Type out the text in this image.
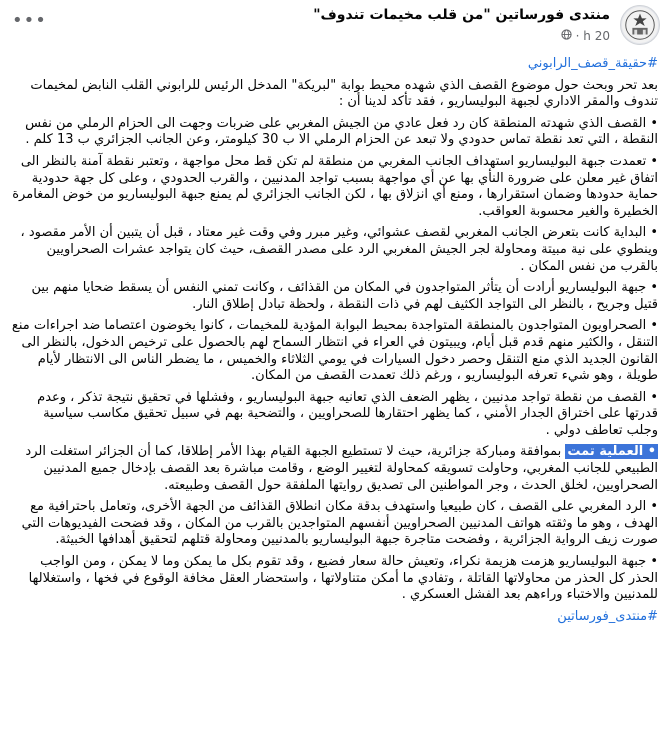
منتدى فورساتين "من قلب مخيمات تندوف"
20 h ·
•••

#حقيقة_قصف_الرابوني

بعد تحر وبحث حول موضوع القصف الذي شهده محيط بوابة "لبريكة" المدخل الرئيس للرابوني القلب النابض لمخيمات تندوف والمقر الاداري لجبهة البوليساريو ، فقد تأكد لدينا أن :

• القصف الذي شهدته المنطقة كان رد فعل عادي من الجيش المغربي على ضربات وجهت الى الحزام الرملي من نفس النقطة ، التي تعد نقطة تماس حدودي ولا تبعد عن الحزام الرملي الا ب 30 كيلومتر، وعن الجانب الجزائري ب 13 كلم .

• تعمدت جبهة البوليساريو استهداف الجانب المغربي من منطقة لم تكن قط محل مواجهة ، وتعتبر نقطة آمنة بالنظر الى اتفاق غير معلن على ضرورة النأي بها عن أي مواجهة بسبب تواجد المدنيين ، والقرب الحدودي ، وعلى كل جهة حدودية حماية حدودها وضمان استقرارها ، ومنع أي انزلاق بها ، لكن الجانب الجزائري لم يمنع جبهة البوليساريو من خوض المغامرة الخطيرة والغير محسوبة العواقب.

• البداية كانت بتعرض الجانب المغربي لقصف عشوائي، وغير مبرر وفي وقت غير معتاد ، قبل أن يتبين أن الأمر مقصود ، وينطوي على نية مبيتة ومحاولة لجر الجيش المغربي الرد على مصدر القصف، حيث كان يتواجد عشرات الصحراويين بالقرب من نفس المكان .

• جبهة البوليساريو أرادت أن يتأثر المتواجدون في المكان من القذائف ، وكانت تمني النفس أن يسقط ضحايا منهم بين قتيل وجريح ، بالنظر الى التواجد الكثيف لهم في ذات النقطة ، ولحظة تبادل إطلاق النار.

• الصحراويون المتواجدون بالمنطقة المتواجدة بمحيط البوابة المؤدية للمخيمات ، كانوا يخوضون اعتصاما ضد اجراءات منع التنقل ، والكثير منهم قدم قبل أيام، ويبيتون في العراء في انتظار السماح لهم بالحصول على ترخيص الدخول، بالنظر الى القانون الجديد الذي منع التنقل وحصر دخول السيارات في يومي الثلاثاء والخميس ، ما يضطر الناس الى الانتظار لأيام طويلة ، وهو شيء تعرفه البوليساريو ، ورغم ذلك تعمدت القصف من المكان.

• القصف من نقطة تواجد مدنيين ، يظهر الضعف الذي تعانيه جبهة البوليساريو ، وفشلها في تحقيق نتيجة تذكر ، وعدم قدرتها على اختراق الجدار الأمني ، كما يظهر احتقارها للصحراويين ، والتضحية بهم في سبيل تحقيق مكاسب سياسية وجلب تعاطف دولي .

• العملية تمت بموافقة ومباركة جزائرية، حيث لا تستطيع الجبهة القيام بهذا الأمر إطلاقا، كما أن الجزائر استغلت الرد الطبيعي للجانب المغربي، وحاولت تسويقه كمحاولة لتغيير الوضع ، وقامت مباشرة بعد القصف بإدخال جميع المدنيين الصحراويين، لخلق الحدث ، وجر المواطنين الى تصديق روايتها الملفقة حول القصف وطبيعته.

• الرد المغربي على القصف ، كان طبيعيا واستهدف بدقة مكان انطلاق القذائف من الجهة الأخرى، وتعامل باحترافية مع الهدف ، وهو ما وثقته هواتف المدنيين الصحراويين أنفسهم المتواجدين بالقرب من المكان ، وقد فضحت الفيديوهات التي صورت زيف الرواية الجزائرية ، وفضحت متاجرة جبهة البوليساريو بالمدنيين ومحاولة قتلهم لتحقيق أهدافها الخبيثة.

• جبهة البوليساريو هزمت هزيمة نكراء، وتعيش حالة سعار فضيع ، وقد تقوم بكل ما يمكن وما لا يمكن ، ومن الواجب الحذر كل الحذر من محاولاتها القاتلة ، وتفادي ما أمكن متناولاتها ، واستحضار العقل مخافة الوقوع في فخها ، واستغلالها للمدنيين والاختباء وراءهم بعد الفشل العسكري .

#منتدى_فورساتين
